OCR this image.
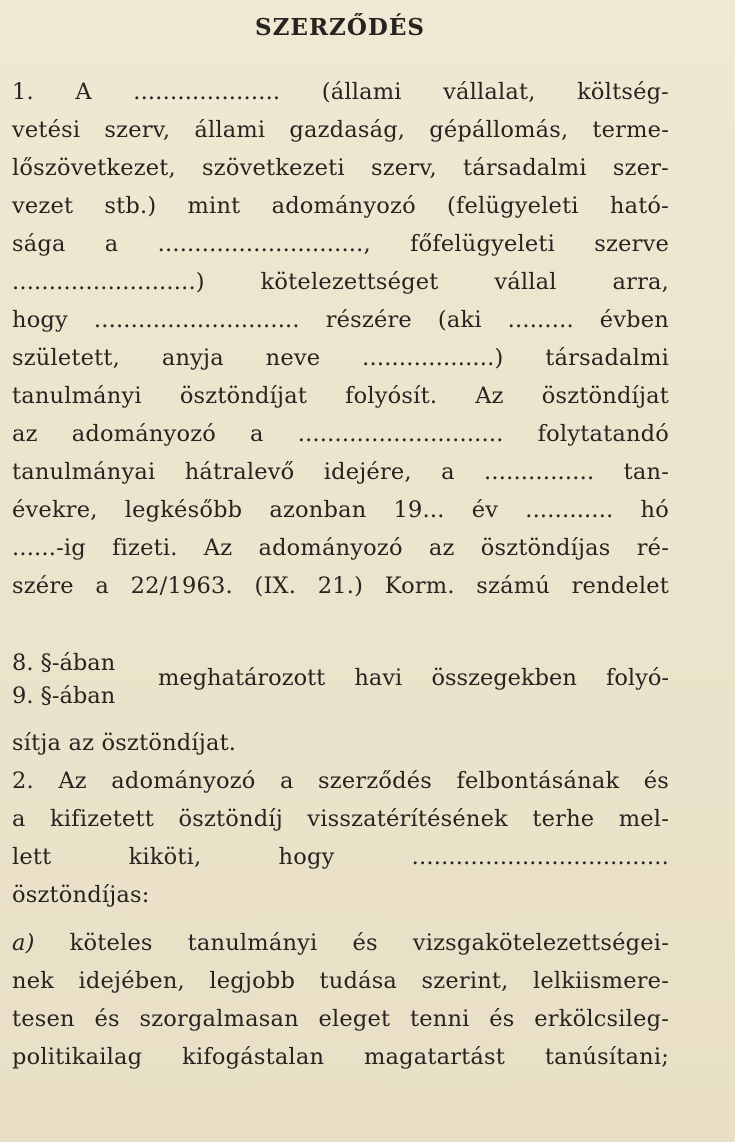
SZERZŐDÉS
1. A .................... (állami vállalat, költség-
vetési szerv, állami gazdaság, gépállomás, terme-
lőszövetkezet, szövetkezeti szerv, társadalmi szer-
vezet stb.) mint adományozó (felügyeleti ható-
sága a ............................, főfelügyeleti szerve
.........................) kötelezettséget vállal arra,
hogy ............................ részére (aki ......... évben
született, anyja neve ..................) társadalmi
tanulmányi ösztöndíjat folyósít. Az ösztöndíjat
az adományozó a ............................ folytatandó
tanulmányai hátralevő idejére, a ............... tan-
évekre, legkésőbb azonban 19... év ............ hó
......-ig fizeti. Az adományozó az ösztöndíjas ré-
szére a 22/1963. (IX. 21.) Korm. számú rendelet
8. §-ában
9. §-ában
meghatározott havi összegekben folyó-
sítja az ösztöndíjat.
2. Az adományozó a szerződés felbontásának és
a kifizetett ösztöndíj visszatérítésének terhe mel-
lett kiköti, hogy ...................................
ösztöndíjas:
a) köteles tanulmányi és vizsgakötelezettségei-
nek idejében, legjobb tudása szerint, lelkiismere-
tesen és szorgalmasan eleget tenni és erkölcsileg-
politikailag kifogástalan magatartást tanúsítani;
